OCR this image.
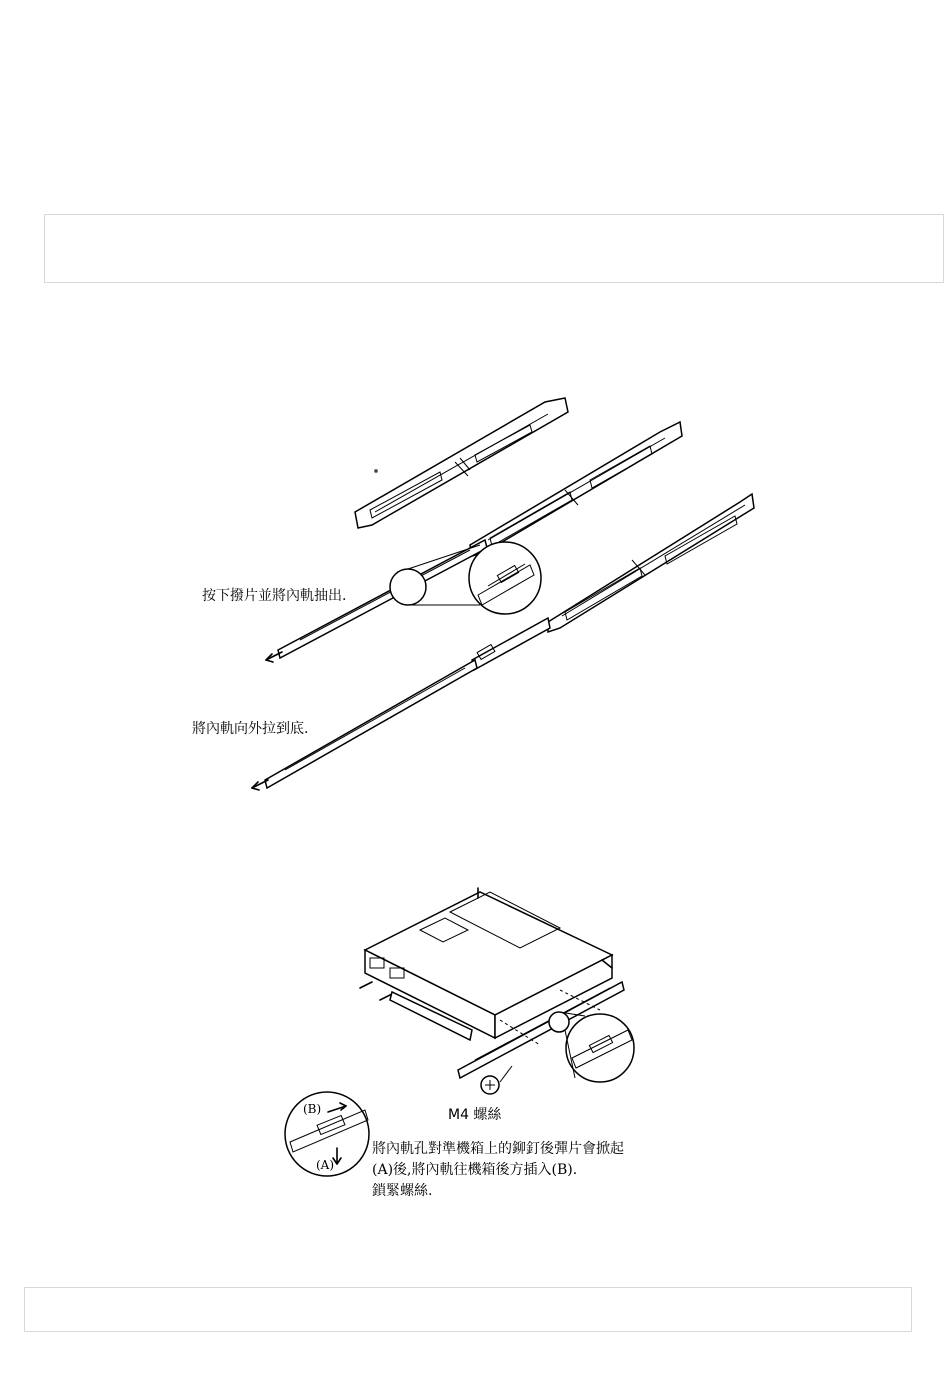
按下撥片並將內軌抽出.
將內軌向外拉到底.
(B)
(A)
M4 螺絲
將內軌孔對準機箱上的鉚釘後彈片會掀起
(A)後,將內軌往機箱後方插入(B).
鎖緊螺絲.
